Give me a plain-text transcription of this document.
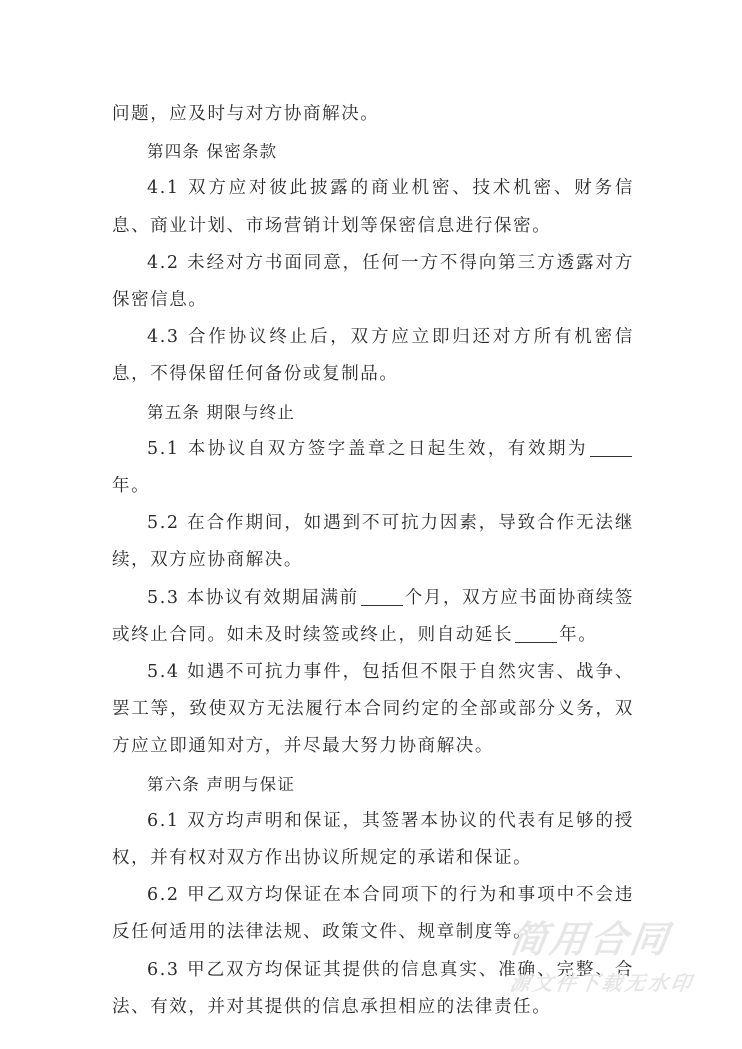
问题，应及时与对方协商解决。

第四条 保密条款

4.1 双方应对彼此披露的商业机密、技术机密、财务信息、商业计划、市场营销计划等保密信息进行保密。

4.2 未经对方书面同意，任何一方不得向第三方透露对方保密信息。

4.3 合作协议终止后，双方应立即归还对方所有机密信息，不得保留任何备份或复制品。

第五条 期限与终止

5.1 本协议自双方签字盖章之日起生效，有效期为年。

5.2 在合作期间，如遇到不可抗力因素，导致合作无法继续，双方应协商解决。

5.3 本协议有效期届满前	个月，双方应书面协商续签或终止合同。如未及时续签或终止，则自动延长	年。

5.4 如遇不可抗力事件，包括但不限于自然灾害、战争、罢工等，致使双方无法履行本合同约定的全部或部分义务，双方应立即通知对方，并尽最大努力协商解决。

第六条 声明与保证

6.1 双方均声明和保证，其签署本协议的代表有足够的授权，并有权对双方作出协议所规定的承诺和保证。

6.2 甲乙双方均保证在本合同项下的行为和事项中不会违反任何适用的法律法规、政策文件、规章制度等。

6.3 甲乙双方均保证其提供的信息真实、准确、完整、合法、有效，并对其提供的信息承担相应的法律责任。

简用合同
源文件下载无水印
